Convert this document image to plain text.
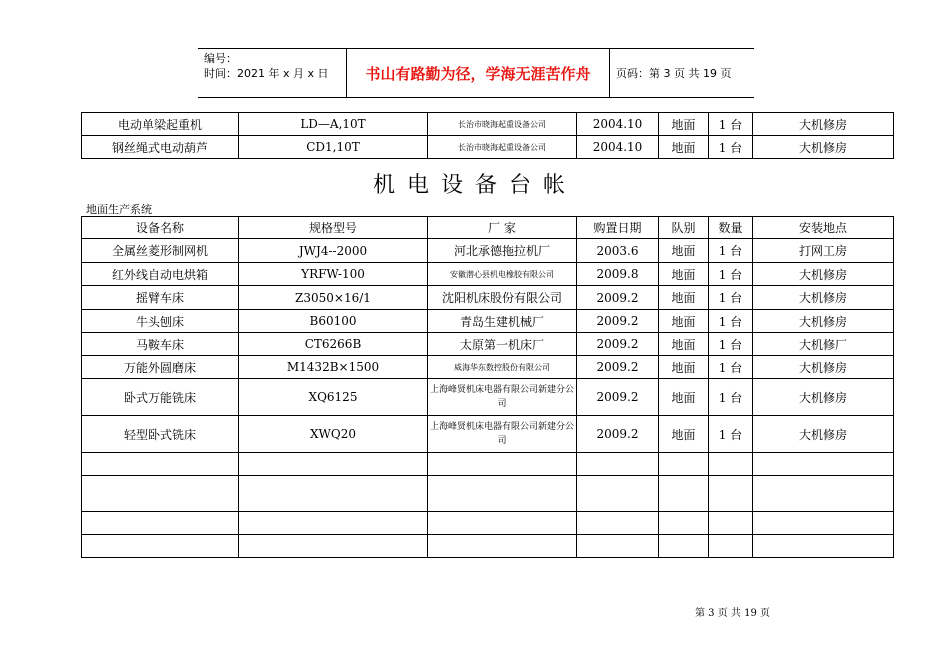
编号：
时间：2021 年 x 月 x 日	书山有路勤为径，学海无涯苦作舟	页码：第 3 页 共 19 页
电动单梁起重机	LD—A,10T	长治市晓海起重设备公司	2004.10	地面	1 台	大机修房
钢丝绳式电动葫芦	CD1,10T	长治市晓海起重设备公司	2004.10	地面	1 台	大机修房
机电设备台帐
地面生产系统
设备名称	规格型号	厂 家	购置日期	队别	数量	安装地点
全属丝菱形制网机	JWJ4--2000	河北承德拖拉机厂	2003.6	地面	1 台	打网工房
红外线自动电烘箱	YRFW-100	安徽潜心县机电橡胶有限公司	2009.8	地面	1 台	大机修房
摇臂车床	Z3050×16/1	沈阳机床股份有限公司	2009.2	地面	1 台	大机修房
牛头刨床	B60100	青岛生建机械厂	2009.2	地面	1 台	大机修房
马鞍车床	CT6266B	太原第一机床厂	2009.2	地面	1 台	大机修厂
万能外圆磨床	M1432B×1500	威海华东数控股份有限公司	2009.2	地面	1 台	大机修房
卧式万能铣床	XQ6125	上海峰贤机床电器有限公司新建分公司	2009.2	地面	1 台	大机修房
轻型卧式铣床	XWQ20	上海峰贤机床电器有限公司新建分公司	2009.2	地面	1 台	大机修房

第 3 页 共 19 页
